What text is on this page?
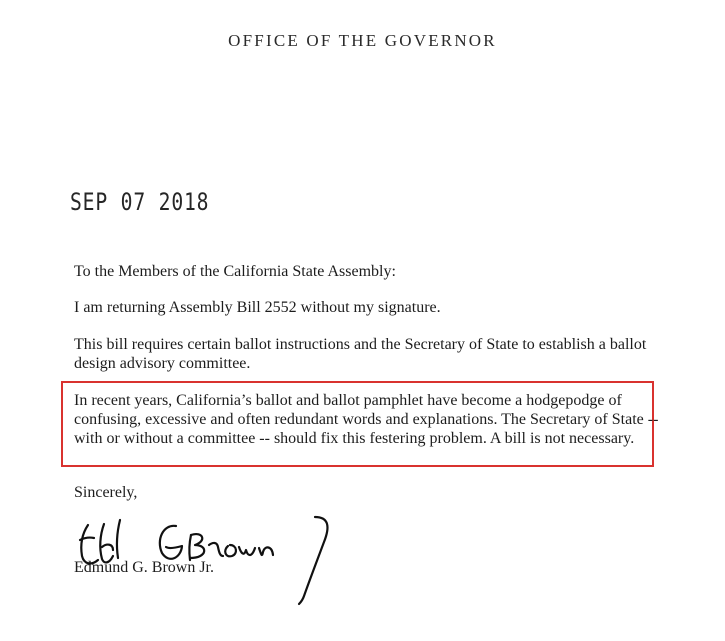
OFFICE OF THE GOVERNOR
SEP 07 2018
To the Members of the California State Assembly:
I am returning Assembly Bill 2552 without my signature.
This bill requires certain ballot instructions and the Secretary of State to establish a ballot design advisory committee.
In recent years, California’s ballot and ballot pamphlet have become a hodgepodge of confusing, excessive and often redundant words and explanations. The Secretary of State -- with or without a committee -- should fix this festering problem. A bill is not necessary.
Sincerely,
Edmund G. Brown Jr.
